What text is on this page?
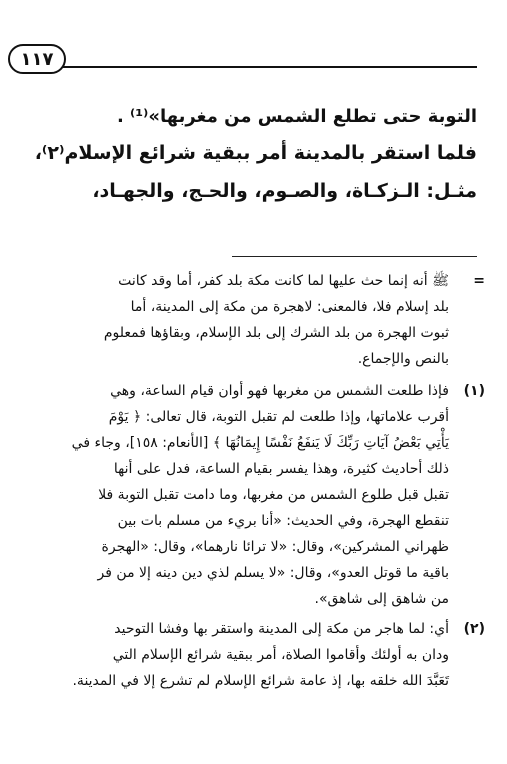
١١٧
التوبة حتى تطلع الشمس من مغربها»⁽¹⁾ .
فلما استقر بالمدينة أمر ببقية شرائع الإسلام⁽٢⁾،
مثـل: الـزكـاة، والصـوم، والحـج، والجهـاد،
=
ﷺ أنه إنما حث عليها لما كانت مكة بلد كفر، أما وقد كانت
بلد إسلام فلا، فالمعنى: لاهجرة من مكة إلى المدينة، أما
ثبوت الهجرة من بلد الشرك إلى بلد الإسلام، وبقاؤها فمعلوم
بالنص والإجماع.
(١)
فإذا طلعت الشمس من مغربها فهو أوان قيام الساعة، وهي
أقرب علاماتها، وإذا طلعت لم تقبل التوبة، قال تعالى: ﴿ يَوْمَ
يَأْتِي بَعْضُ آيَاتِ رَبِّكَ لَا يَنفَعُ نَفْسًا إِيمَانُهَا ﴾ [الأنعام: ١٥٨]، وجاء في
ذلك أحاديث كثيرة، وهذا يفسر بقيام الساعة، فدل على أنها
تقبل قبل طلوع الشمس من مغربها، وما دامت تقبل التوبة فلا
تنقطع الهجرة، وفي الحديث: «أنا بريء من مسلم بات بين
ظهراني المشركين»، وقال: «لا ترائا نارهما»، وقال: «الهجرة
باقية ما قوتل العدو»، وقال: «لا يسلم لذي دين دينه إلا من فر
من شاهق إلى شاهق».
(٢)
أي: لما هاجر من مكة إلى المدينة واستقر بها وفشا التوحيد
ودان به أولئك وأقاموا الصلاة، أمر ببقية شرائع الإسلام التي
تَعَبَّدَ الله خلقه بها، إذ عامة شرائع الإسلام لم تشرع إلا في المدينة.
